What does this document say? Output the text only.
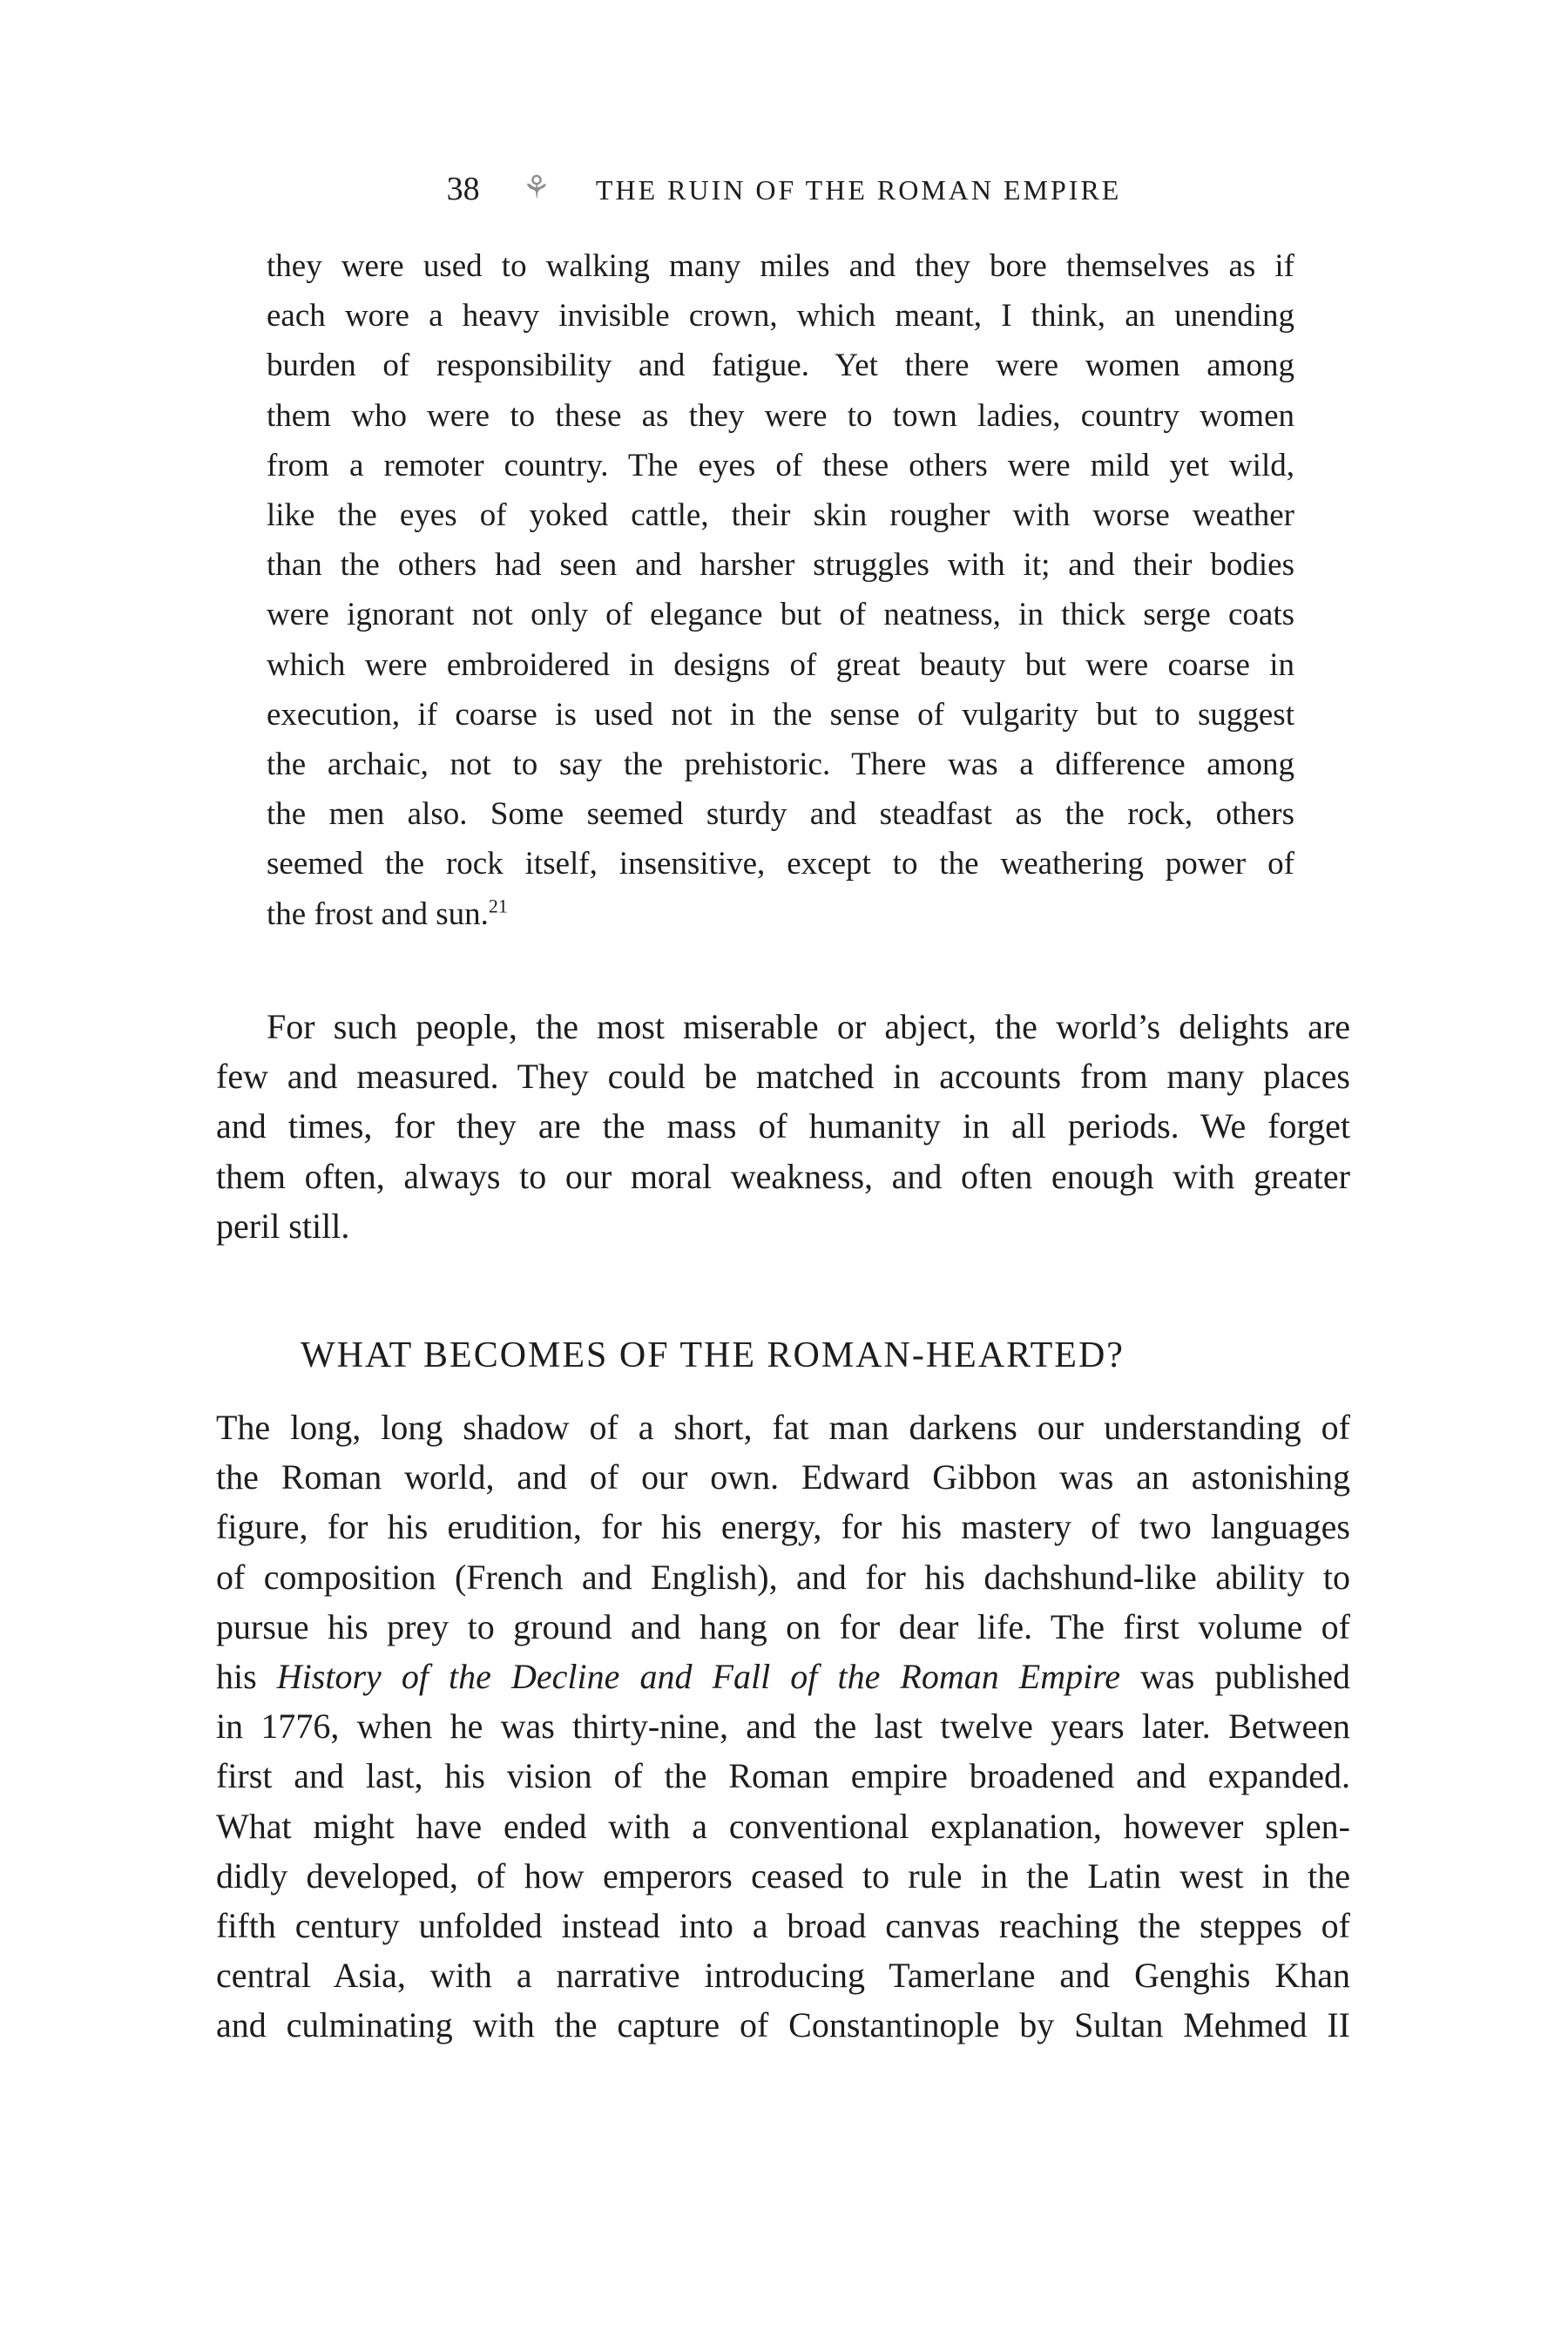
38 ⚘ THE RUIN OF THE ROMAN EMPIRE
they were used to walking many miles and they bore themselves as if
each wore a heavy invisible crown, which meant, I think, an unending
burden of responsibility and fatigue. Yet there were women among
them who were to these as they were to town ladies, country women
from a remoter country. The eyes of these others were mild yet wild,
like the eyes of yoked cattle, their skin rougher with worse weather
than the others had seen and harsher struggles with it; and their bodies
were ignorant not only of elegance but of neatness, in thick serge coats
which were embroidered in designs of great beauty but were coarse in
execution, if coarse is used not in the sense of vulgarity but to suggest
the archaic, not to say the prehistoric. There was a difference among
the men also. Some seemed sturdy and steadfast as the rock, others
seemed the rock itself, insensitive, except to the weathering power of
the frost and sun.$^{21}$
For such people, the most miserable or abject, the world’s delights are
few and measured. They could be matched in accounts from many places
and times, for they are the mass of humanity in all periods. We forget
them often, always to our moral weakness, and often enough with greater
peril still.
WHAT BECOMES OF THE ROMAN-HEARTED?
The long, long shadow of a short, fat man darkens our understanding of
the Roman world, and of our own. Edward Gibbon was an astonishing
figure, for his erudition, for his energy, for his mastery of two languages
of composition (French and English), and for his dachshund-like ability to
pursue his prey to ground and hang on for dear life. The first volume of
his History of the Decline and Fall of the Roman Empire was published
in 1776, when he was thirty-nine, and the last twelve years later. Between
first and last, his vision of the Roman empire broadened and expanded.
What might have ended with a conventional explanation, however splen-
didly developed, of how emperors ceased to rule in the Latin west in the
fifth century unfolded instead into a broad canvas reaching the steppes of
central Asia, with a narrative introducing Tamerlane and Genghis Khan
and culminating with the capture of Constantinople by Sultan Mehmed II
